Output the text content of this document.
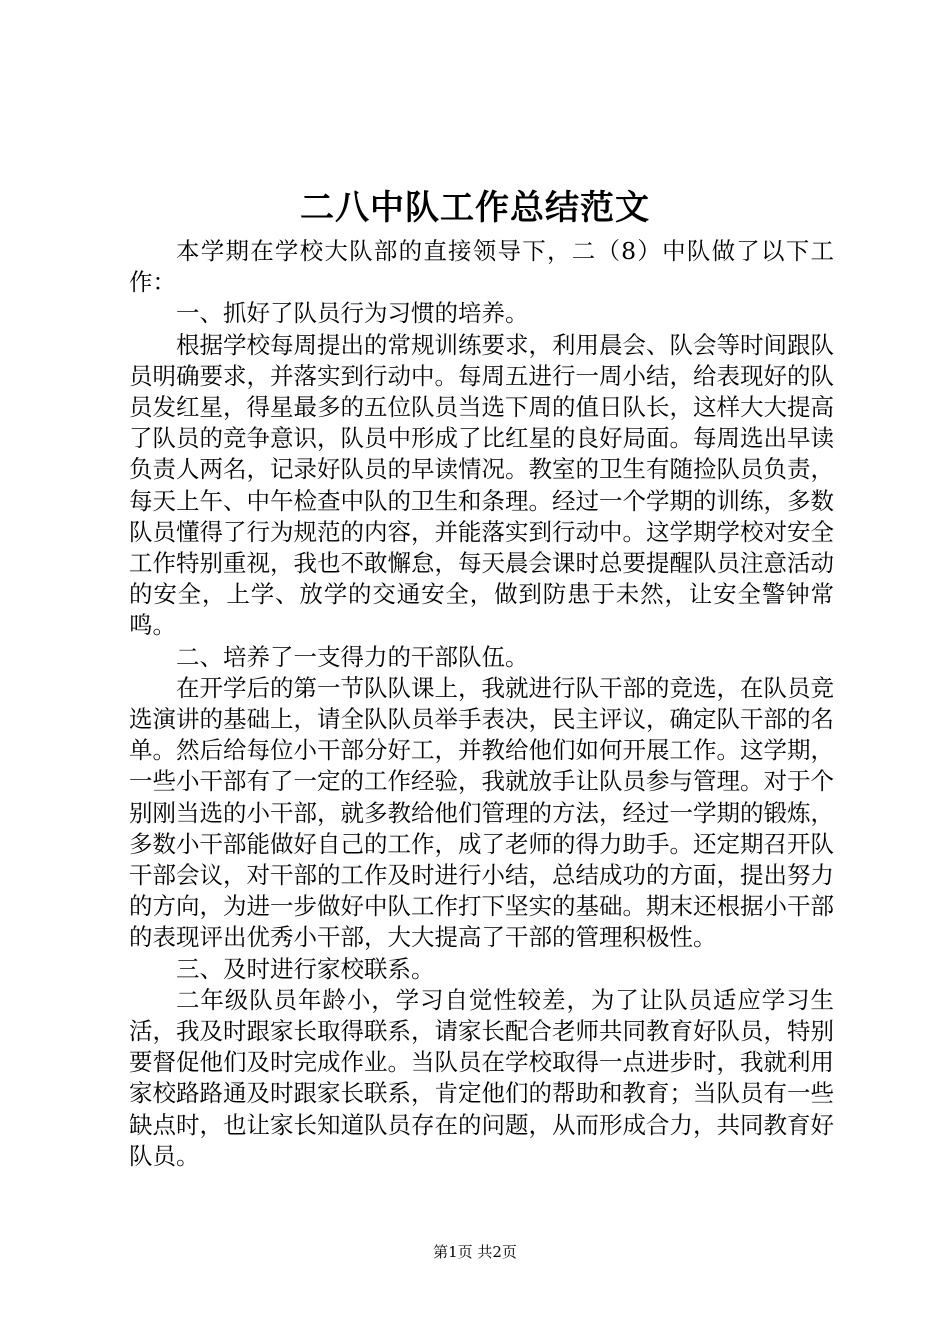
二八中队工作总结范文

本学期在学校大队部的直接领导下，二（8）中队做了以下工作：

一、抓好了队员行为习惯的培养。

根据学校每周提出的常规训练要求，利用晨会、队会等时间跟队员明确要求，并落实到行动中。每周五进行一周小结，给表现好的队员发红星，得星最多的五位队员当选下周的值日队长，这样大大提高了队员的竞争意识，队员中形成了比红星的良好局面。每周选出早读负责人两名，记录好队员的早读情况。教室的卫生有随捡队员负责，每天上午、中午检查中队的卫生和条理。经过一个学期的训练，多数队员懂得了行为规范的内容，并能落实到行动中。这学期学校对安全工作特别重视，我也不敢懈怠，每天晨会课时总要提醒队员注意活动的安全，上学、放学的交通安全，做到防患于未然，让安全警钟常鸣。

二、培养了一支得力的干部队伍。

在开学后的第一节队队课上，我就进行队干部的竞选，在队员竞选演讲的基础上，请全队队员举手表决，民主评议，确定队干部的名单。然后给每位小干部分好工，并教给他们如何开展工作。这学期，一些小干部有了一定的工作经验，我就放手让队员参与管理。对于个别刚当选的小干部，就多教给他们管理的方法，经过一学期的锻炼，多数小干部能做好自己的工作，成了老师的得力助手。还定期召开队干部会议，对干部的工作及时进行小结，总结成功的方面，提出努力的方向，为进一步做好中队工作打下坚实的基础。期末还根据小干部的表现评出优秀小干部，大大提高了干部的管理积极性。

三、及时进行家校联系。

二年级队员年龄小，学习自觉性较差，为了让队员适应学习生活，我及时跟家长取得联系，请家长配合老师共同教育好队员，特别要督促他们及时完成作业。当队员在学校取得一点进步时，我就利用家校路路通及时跟家长联系，肯定他们的帮助和教育；当队员有一些缺点时，也让家长知道队员存在的问题，从而形成合力，共同教育好队员。

第1页 共2页
